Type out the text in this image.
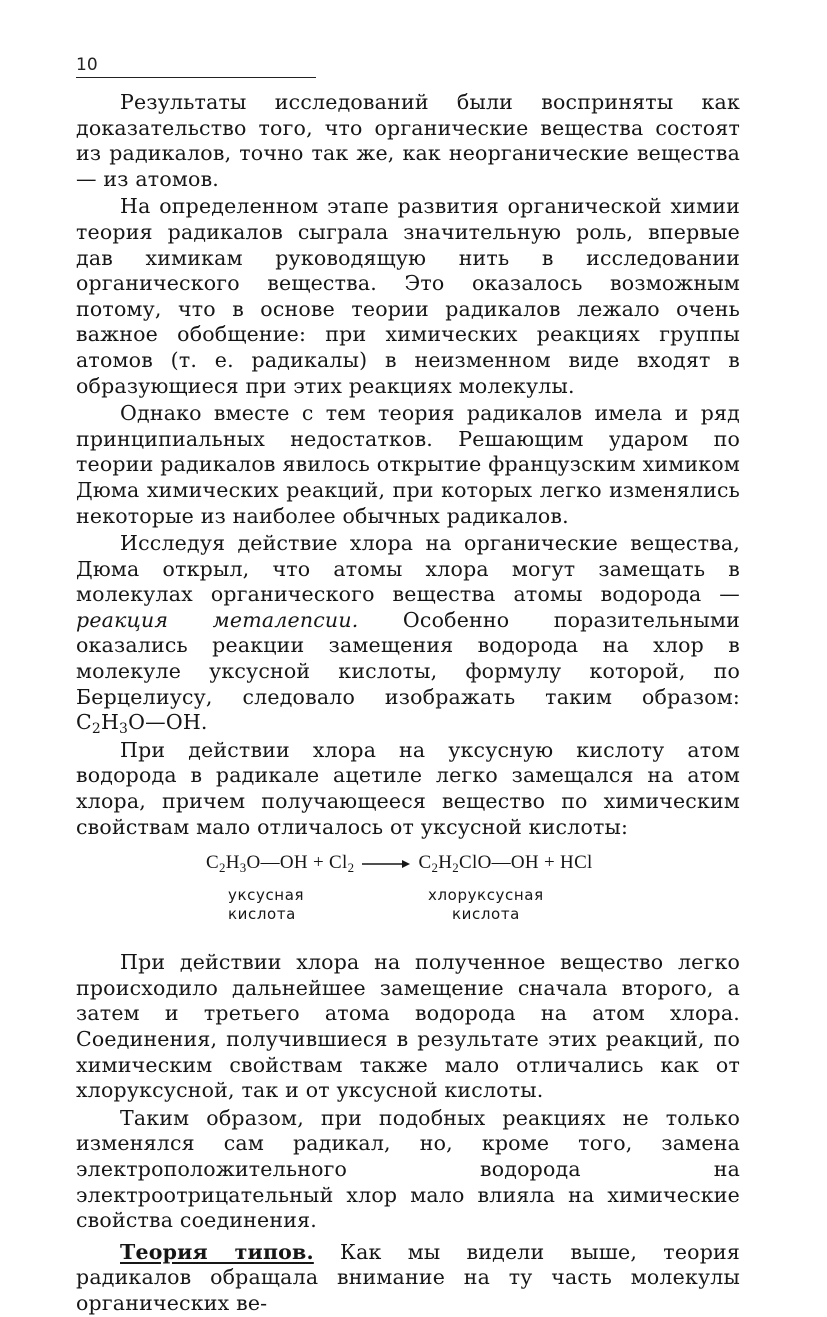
10

Результаты исследований были восприняты как доказательство того, что органические вещества состоят из радикалов, точно так же, как неорганические вещества — из атомов.

На определенном этапе развития органической химии теория радикалов сыграла значительную роль, впервые дав химикам руководящую нить в исследовании органического вещества. Это оказалось возможным потому, что в основе теории радикалов лежало очень важное обобщение: при химических реакциях группы атомов (т. е. радикалы) в неизменном виде входят в образующиеся при этих реакциях молекулы.

Однако вместе с тем теория радикалов имела и ряд принципиальных недостатков. Решающим ударом по теории радикалов явилось открытие французским химиком Дюма химических реакций, при которых легко изменялись некоторые из наиболее обычных радикалов.

Исследуя действие хлора на органические вещества, Дюма открыл, что атомы хлора могут замещать в молекулах органического вещества атомы водорода — реакция металепсии. Особенно поразительными оказались реакции замещения водорода на хлор в молекуле уксусной кислоты, формулу которой, по Берцелиусу, следовало изображать таким образом: $C_2H_3O—OH$.

При действии хлора на уксусную кислоту атом водорода в радикале ацетиле легко замещался на атом хлора, причем получающееся вещество по химическим свойствам мало отличалось от уксусной кислоты:

$C_2H_3O—OH + Cl_2$ → $C_2H_2ClO—OH$ + HCl
уксусная
кислота
хлоруксусная
кислота

При действии хлора на полученное вещество легко происходило дальнейшее замещение сначала второго, а затем и третьего атома водорода на атом хлора. Соединения, получившиеся в результате этих реакций, по химическим свойствам также мало отличались как от хлоруксусной, так и от уксусной кислоты.

Таким образом, при подобных реакциях не только изменялся сам радикал, но, кроме того, замена электроположительного водорода на электроотрицательный хлор мало влияла на химические свойства соединения.

Теория типов. Как мы видели выше, теория радикалов обращала внимание на ту часть молекулы органических ве-
